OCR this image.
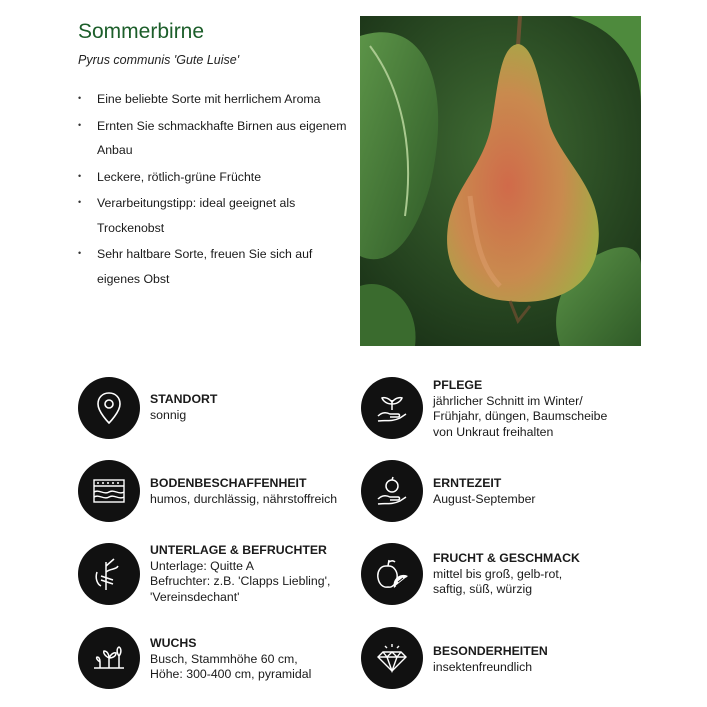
Sommerbirne

Pyrus communis 'Gute Luise'

• Eine beliebte Sorte mit herrlichem Aroma
• Ernten Sie schmackhafte Birnen aus eigenem Anbau
• Leckere, rötlich-grüne Früchte
• Verarbeitungstipp: ideal geeignet als Trockenobst
• Sehr haltbare Sorte, freuen Sie sich auf eigenes Obst
STANDORT
sonnig
PFLEGE
jährlicher Schnitt im Winter/
Frühjahr, düngen, Baumscheibe
von Unkraut freihalten
BODENBESCHAFFENHEIT
humos, durchlässig, nährstoffreich
ERNTEZEIT
August-September
UNTERLAGE & BEFRUCHTER
Unterlage: Quitte A
Befruchter: z.B. 'Clapps Liebling',
'Vereinsdechant'
FRUCHT & GESCHMACK
mittel bis groß, gelb-rot,
saftig, süß, würzig
WUCHS
Busch, Stammhöhe 60 cm,
Höhe: 300-400 cm, pyramidal
BESONDERHEITEN
insektenfreundlich
